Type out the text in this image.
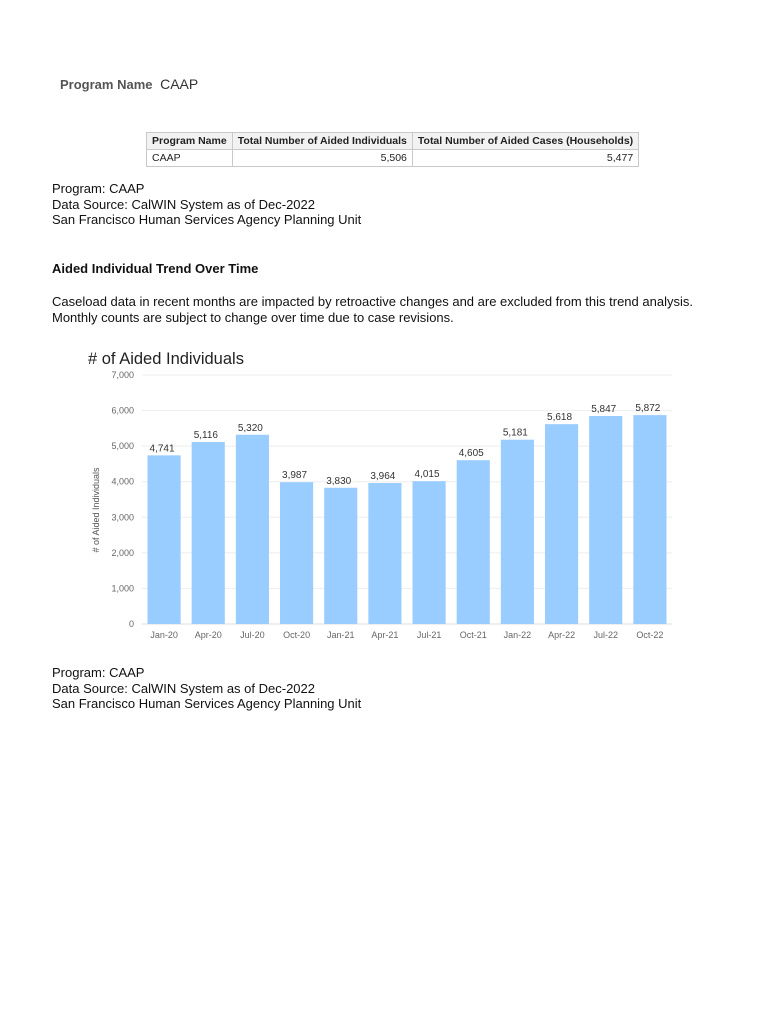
Program Name CAAP
Program Name	Total Number of Aided Individuals	Total Number of Aided Cases (Households)
CAAP	5,506	5,477
Program: CAAP
Data Source: CalWIN System as of Dec-2022
San Francisco Human Services Agency Planning Unit
Aided Individual Trend Over Time
Caseload data in recent months are impacted by retroactive changes and are excluded from this trend analysis.
Monthly counts are subject to change over time due to case revisions.
# of Aided Individuals
# of Aided Individuals
0
1,000
2,000
3,000
4,000
5,000
6,000
7,000
4,741
Jan-20
5,116
Apr-20
5,320
Jul-20
3,987
Oct-20
3,830
Jan-21
3,964
Apr-21
4,015
Jul-21
4,605
Oct-21
5,181
Jan-22
5,618
Apr-22
5,847
Jul-22
5,872
Oct-22
Program: CAAP
Data Source: CalWIN System as of Dec-2022
San Francisco Human Services Agency Planning Unit
